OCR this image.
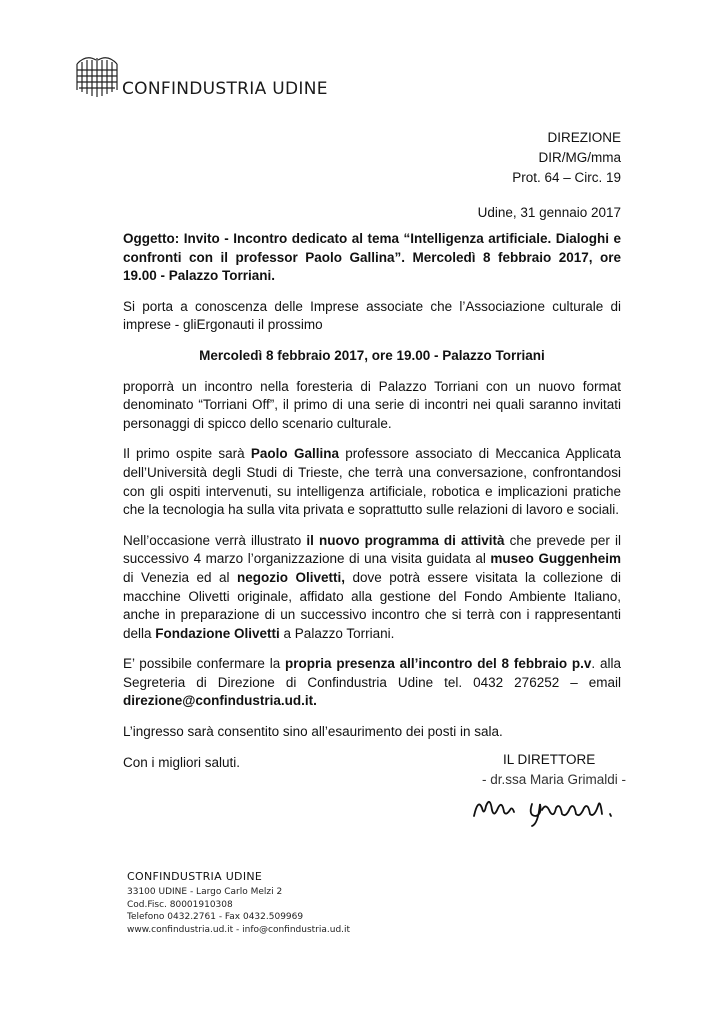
CONFINDUSTRIA UDINE
DIREZIONE
DIR/MG/mma
Prot. 64 – Circ. 19
Udine, 31 gennaio 2017

Oggetto: Invito - Incontro dedicato al tema “Intelligenza artificiale. Dialoghi e confronti con il professor Paolo Gallina”. Mercoledì 8 febbraio 2017, ore 19.00 - Palazzo Torriani.

Si porta a conoscenza delle Imprese associate che l’Associazione culturale di imprese - gliErgonauti il prossimo

Mercoledì 8 febbraio 2017, ore 19.00 - Palazzo Torriani

proporrà un incontro nella foresteria di Palazzo Torriani con un nuovo format denominato “Torriani Off”, il primo di una serie di incontri nei quali saranno invitati personaggi di spicco dello scenario culturale.

Il primo ospite sarà Paolo Gallina professore associato di Meccanica Applicata dell’Università degli Studi di Trieste, che terrà una conversazione, confrontandosi con gli ospiti intervenuti, su intelligenza artificiale, robotica e implicazioni pratiche che la tecnologia ha sulla vita privata e soprattutto sulle relazioni di lavoro e sociali.

Nell’occasione verrà illustrato il nuovo programma di attività che prevede per il successivo 4 marzo l’organizzazione di una visita guidata al museo Guggenheim di Venezia ed al negozio Olivetti, dove potrà essere visitata la collezione di macchine Olivetti originale, affidato alla gestione del Fondo Ambiente Italiano, anche in preparazione di un successivo incontro che si terrà con i rappresentanti della Fondazione Olivetti a Palazzo Torriani.

E’ possibile confermare la propria presenza all’incontro del 8 febbraio p.v. alla Segreteria di Direzione di Confindustria Udine tel. 0432 276252 – email direzione@confindustria.ud.it.

L’ingresso sarà consentito sino all’esaurimento dei posti in sala.

Con i migliori saluti.	IL DIRETTORE
- dr.ssa Maria Grimaldi -
CONFINDUSTRIA UDINE
33100 UDINE - Largo Carlo Melzi 2
Cod.Fisc. 80001910308
Telefono 0432.2761 - Fax 0432.509969
www.confindustria.ud.it - info@confindustria.ud.it
